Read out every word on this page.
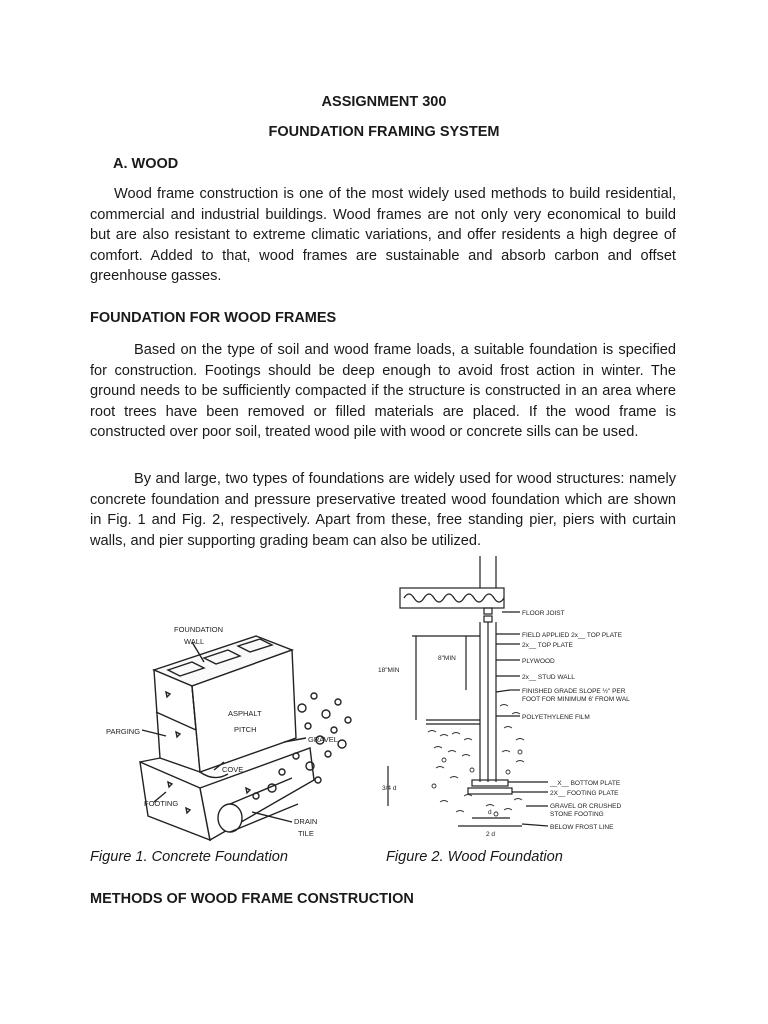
ASSIGNMENT 300
FOUNDATION FRAMING SYSTEM
A. WOOD

Wood frame construction is one of the most widely used methods to build residential, commercial and industrial buildings. Wood frames are not only very economical to build but are also resistant to extreme climatic variations, and offer residents a high degree of comfort. Added to that, wood frames are sustainable and absorb carbon and offset greenhouse gasses.

FOUNDATION FOR WOOD FRAMES

Based on the type of soil and wood frame loads, a suitable foundation is specified for construction. Footings should be deep enough to avoid frost action in winter. The ground needs to be sufficiently compacted if the structure is constructed in an area where root trees have been removed or filled materials are placed. If the wood frame is constructed over poor soil, treated wood pile with wood or concrete sills can be used.

By and large, two types of foundations are widely used for wood structures: namely concrete foundation and pressure preservative treated wood foundation which are shown in Fig. 1 and Fig. 2, respectively. Apart from these, free standing pier, piers with curtain walls, and pier supporting grading beam can also be utilized.

FOUNDATION
WALL
ASPHALT
PITCH
PARGING
GRAVEL
COVE
FOOTING
DRAIN
TILE
FLOOR JOIST
FIELD APPLIED 2x__ TOP PLATE
2x__ TOP PLATE
PLYWOOD
2x__ STUD WALL
FINISHED GRADE SLOPE ½" PER
FOOT FOR MINIMUM 6' FROM WAL
POLYETHYLENE FILM
__X__ BOTTOM PLATE
2X__ FOOTING PLATE
GRAVEL OR CRUSHED
STONE FOOTING
BELOW FROST LINE
8"MIN
18"MIN
3/4 d
d
2 d
Figure 1. Concrete Foundation	Figure 2. Wood Foundation
METHODS OF WOOD FRAME CONSTRUCTION
